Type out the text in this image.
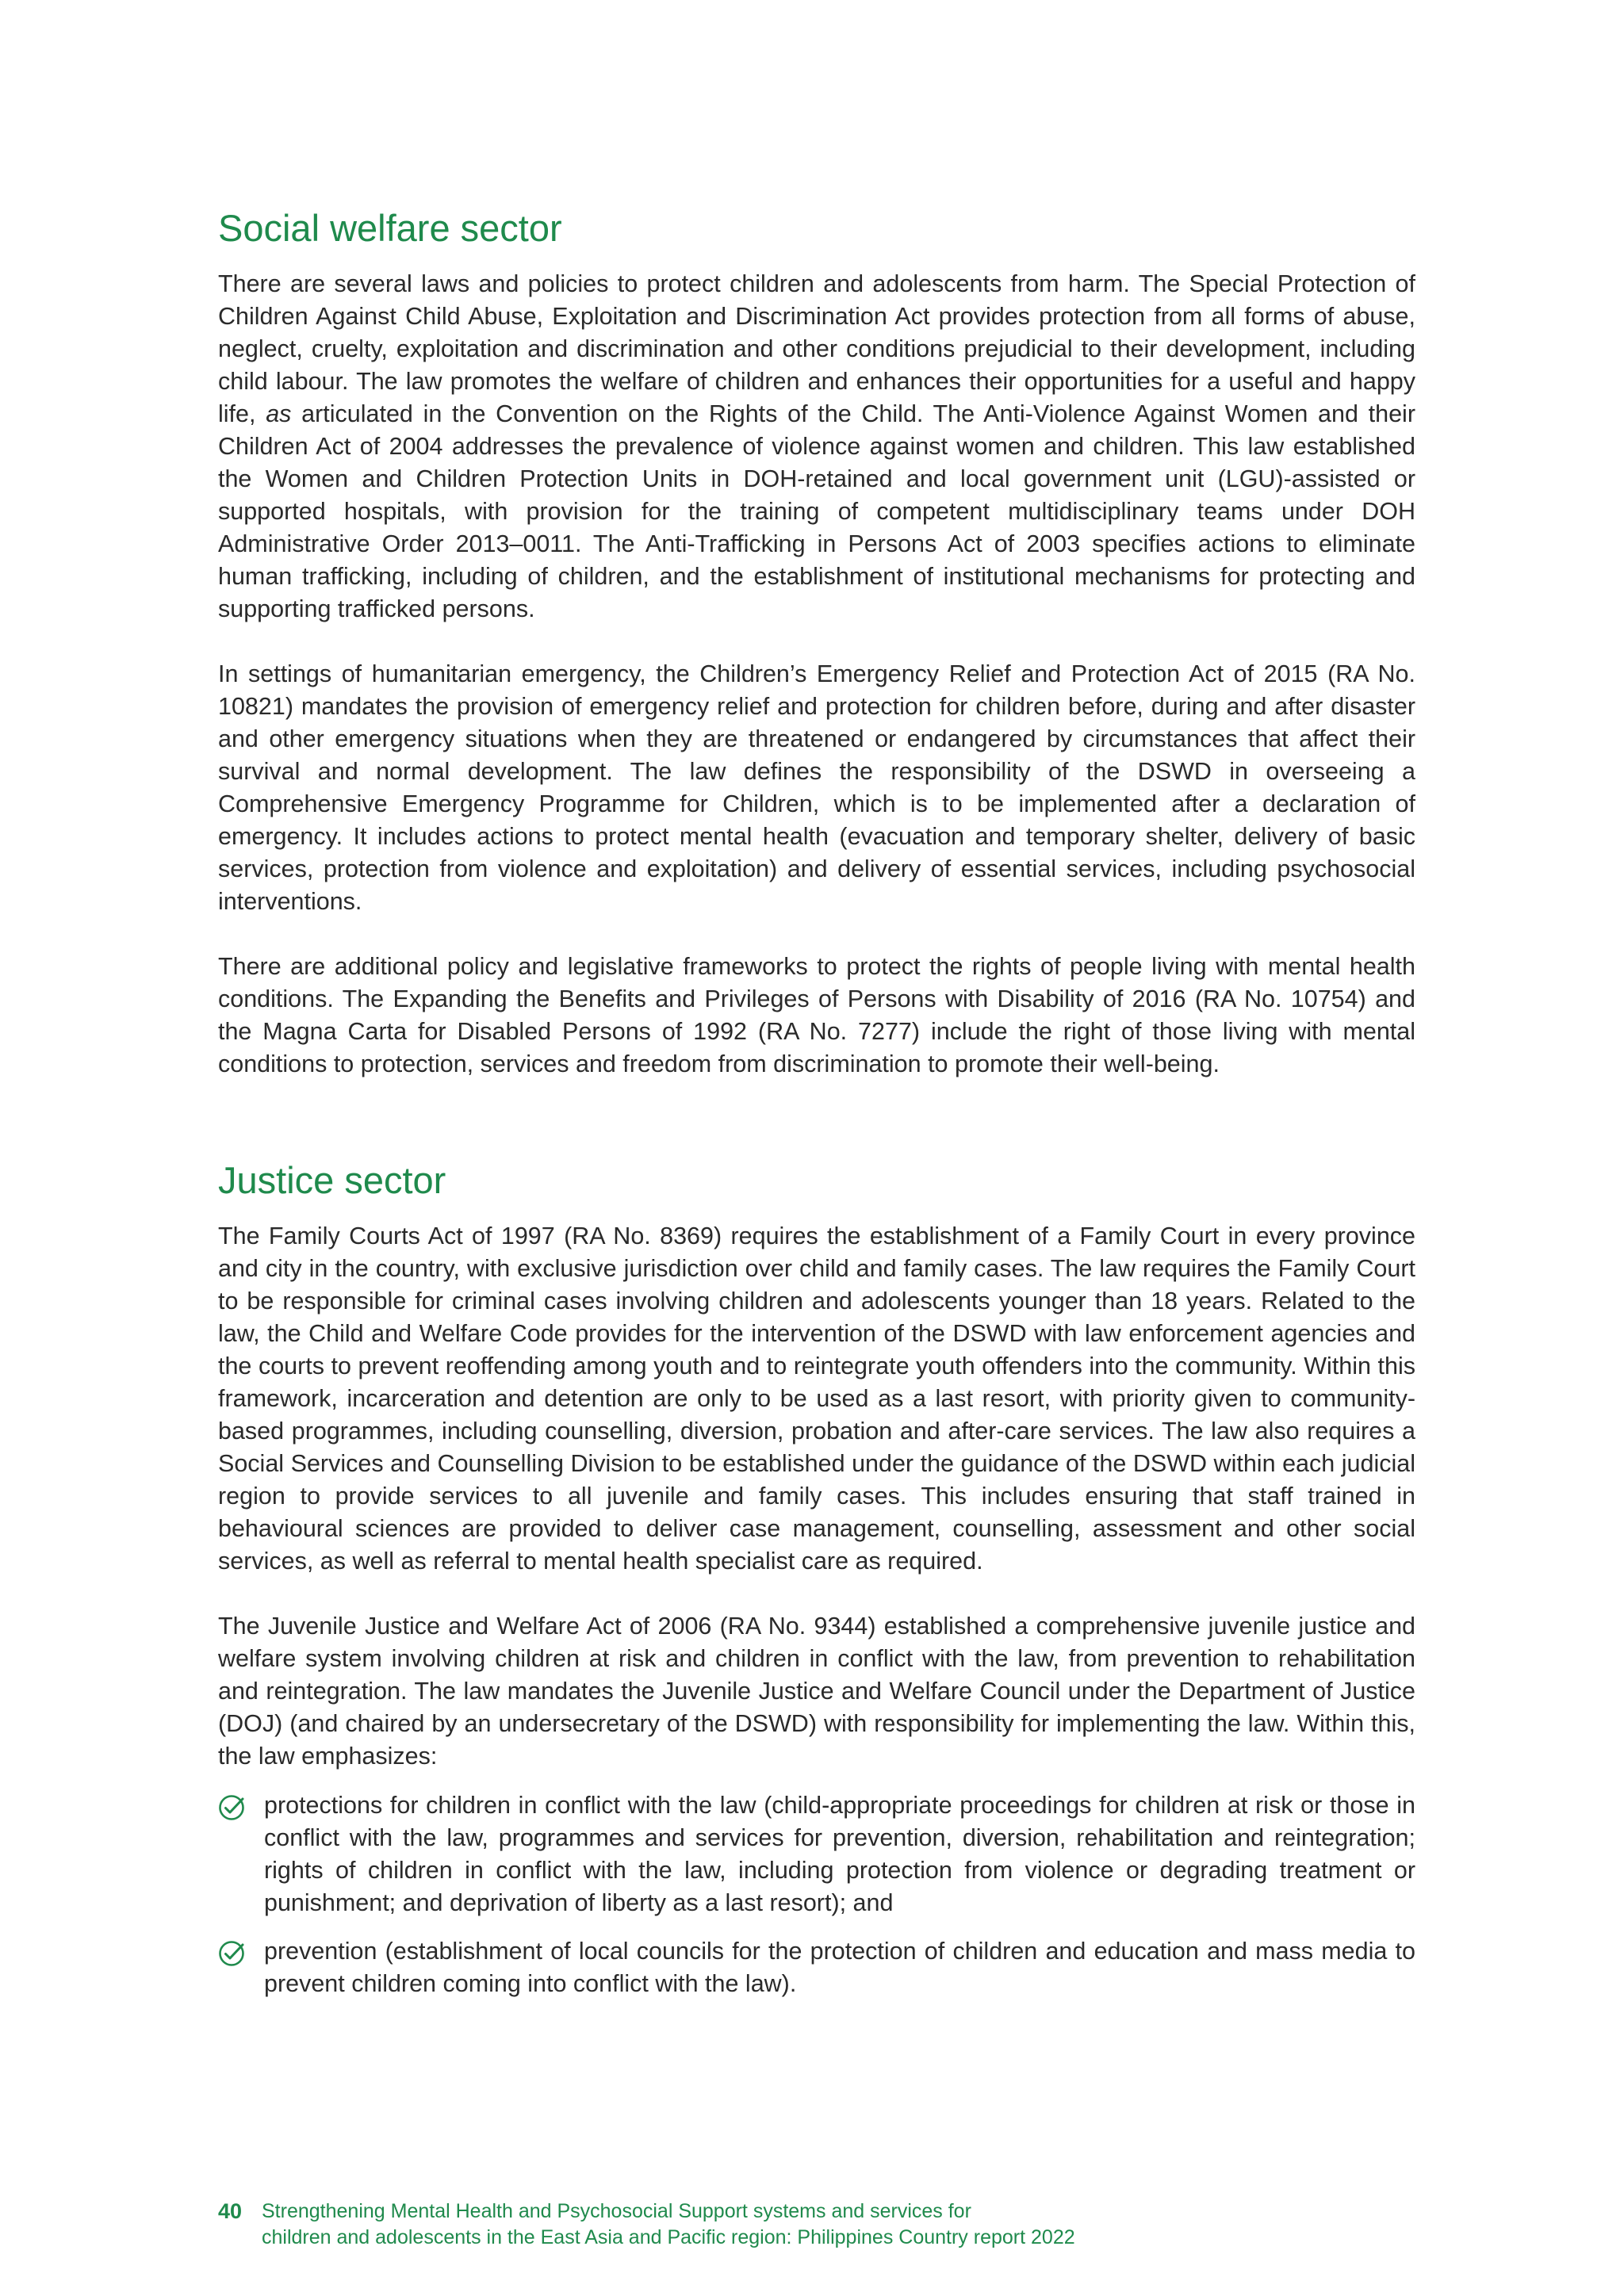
Social welfare sector

There are several laws and policies to protect children and adolescents from harm. The Special Protection of Children Against Child Abuse, Exploitation and Discrimination Act provides protection from all forms of abuse, neglect, cruelty, exploitation and discrimination and other conditions prejudicial to their development, including child labour. The law promotes the welfare of children and enhances their opportunities for a useful and happy life, as articulated in the Convention on the Rights of the Child. The Anti-Violence Against Women and their Children Act of 2004 addresses the prevalence of violence against women and children. This law established the Women and Children Protection Units in DOH-retained and local government unit (LGU)-assisted or supported hospitals, with provision for the training of competent multidisciplinary teams under DOH Administrative Order 2013–0011. The Anti-Trafficking in Persons Act of 2003 specifies actions to eliminate human trafficking, including of children, and the establishment of institutional mechanisms for protecting and supporting trafficked persons.

In settings of humanitarian emergency, the Children’s Emergency Relief and Protection Act of 2015 (RA No. 10821) mandates the provision of emergency relief and protection for children before, during and after disaster and other emergency situations when they are threatened or endangered by circumstances that affect their survival and normal development. The law defines the responsibility of the DSWD in overseeing a Comprehensive Emergency Programme for Children, which is to be implemented after a declaration of emergency. It includes actions to protect mental health (evacuation and temporary shelter, delivery of basic services, protection from violence and exploitation) and delivery of essential services, including psychosocial interventions.

There are additional policy and legislative frameworks to protect the rights of people living with mental health conditions. The Expanding the Benefits and Privileges of Persons with Disability of 2016 (RA No. 10754) and the Magna Carta for Disabled Persons of 1992 (RA No. 7277) include the right of those living with mental conditions to protection, services and freedom from discrimination to promote their well-being.

Justice sector

The Family Courts Act of 1997 (RA No. 8369) requires the establishment of a Family Court in every province and city in the country, with exclusive jurisdiction over child and family cases. The law requires the Family Court to be responsible for criminal cases involving children and adolescents younger than 18 years. Related to the law, the Child and Welfare Code provides for the intervention of the DSWD with law enforcement agencies and the courts to prevent reoffending among youth and to reintegrate youth offenders into the community. Within this framework, incarceration and detention are only to be used as a last resort, with priority given to community-based programmes, including counselling, diversion, probation and after-care services. The law also requires a Social Services and Counselling Division to be established under the guidance of the DSWD within each judicial region to provide services to all juvenile and family cases. This includes ensuring that staff trained in behavioural sciences are provided to deliver case management, counselling, assessment and other social services, as well as referral to mental health specialist care as required.

The Juvenile Justice and Welfare Act of 2006 (RA No. 9344) established a comprehensive juvenile justice and welfare system involving children at risk and children in conflict with the law, from prevention to rehabilitation and reintegration. The law mandates the Juvenile Justice and Welfare Council under the Department of Justice (DOJ) (and chaired by an undersecretary of the DSWD) with responsibility for implementing the law. Within this, the law emphasizes:

protections for children in conflict with the law (child-appropriate proceedings for children at risk or those in conflict with the law, programmes and services for prevention, diversion, rehabilitation and reintegration; rights of children in conflict with the law, including protection from violence or degrading treatment or punishment; and deprivation of liberty as a last resort); and
prevention (establishment of local councils for the protection of children and education and mass media to prevent children coming into conflict with the law).
40 Strengthening Mental Health and Psychosocial Support systems and services for
children and adolescents in the East Asia and Pacific region: Philippines Country report 2022
